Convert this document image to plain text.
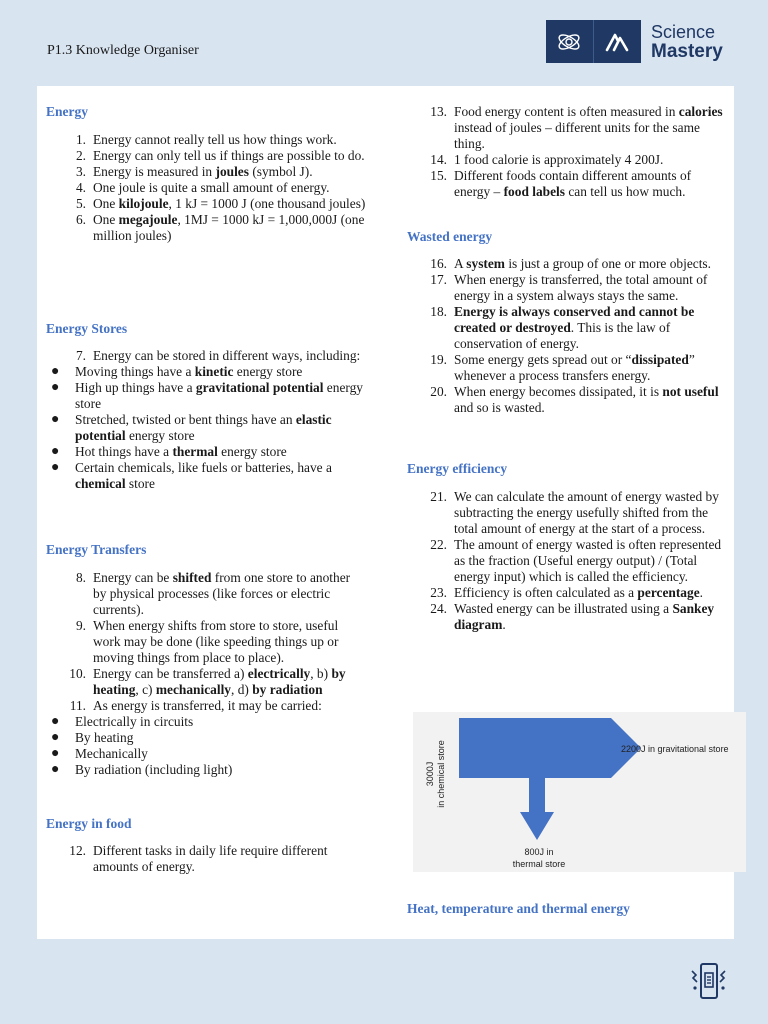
P1.3 Knowledge Organiser
Science
Mastery
Energy
1. Energy cannot really tell us how things work.
2. Energy can only tell us if things are possible to do.
3. Energy is measured in joules (symbol J).
4. One joule is quite a small amount of energy.
5. One kilojoule, 1 kJ = 1000 J (one thousand joules)
6. One megajoule, 1MJ = 1000 kJ = 1,000,000J (one million joules)
Energy Stores
7. Energy can be stored in different ways, including:
● Moving things have a kinetic energy store
● High up things have a gravitational potential energy store
● Stretched, twisted or bent things have an elastic potential energy store
● Hot things have a thermal energy store
● Certain chemicals, like fuels or batteries, have a chemical store
Energy Transfers
8. Energy can be shifted from one store to another by physical processes (like forces or electric currents).
9. When energy shifts from store to store, useful work may be done (like speeding things up or moving things from place to place).
10. Energy can be transferred a) electrically, b) by heating, c) mechanically, d) by radiation
11. As energy is transferred, it may be carried:
● Electrically in circuits
● By heating
● Mechanically
● By radiation (including light)
Energy in food
12. Different tasks in daily life require different amounts of energy.
13. Food energy content is often measured in calories instead of joules – different units for the same thing.
14. 1 food calorie is approximately 4 200J.
15. Different foods contain different amounts of energy – food labels can tell us how much.
Wasted energy
16. A system is just a group of one or more objects.
17. When energy is transferred, the total amount of energy in a system always stays the same.
18. Energy is always conserved and cannot be created or destroyed. This is the law of conservation of energy.
19. Some energy gets spread out or “dissipated” whenever a process transfers energy.
20. When energy becomes dissipated, it is not useful and so is wasted.
Energy efficiency
21. We can calculate the amount of energy wasted by subtracting the energy usefully shifted from the total amount of energy at the start of a process.
22. The amount of energy wasted is often represented as the fraction (Useful energy output) / (Total energy input) which is called the efficiency.
23. Efficiency is often calculated as a percentage.
24. Wasted energy can be illustrated using a Sankey diagram.
Heat, temperature and thermal energy
3000J in chemical store	2200J in gravitational store
800J in
thermal store
